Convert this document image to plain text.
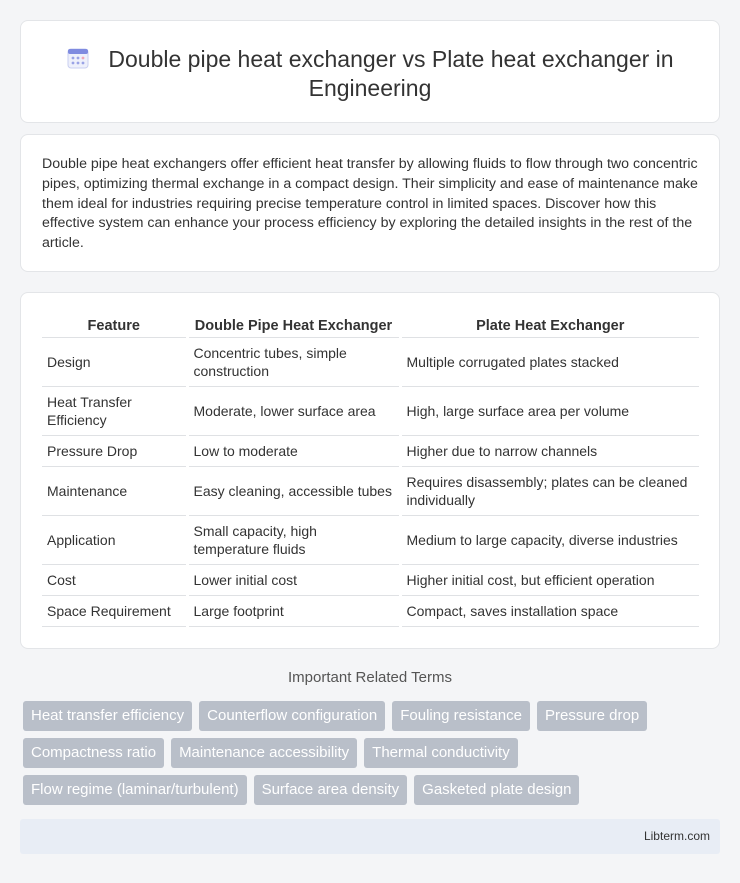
Double pipe heat exchanger vs Plate heat exchanger in Engineering

Double pipe heat exchangers offer efficient heat transfer by allowing fluids to flow through two concentric pipes, optimizing thermal exchange in a compact design. Their simplicity and ease of maintenance make them ideal for industries requiring precise temperature control in limited spaces. Discover how this effective system can enhance your process efficiency by exploring the detailed insights in the rest of the article.

Feature	Double Pipe Heat Exchanger	Plate Heat Exchanger
Design	Concentric tubes, simple construction	Multiple corrugated plates stacked
Heat Transfer Efficiency	Moderate, lower surface area	High, large surface area per volume
Pressure Drop	Low to moderate	Higher due to narrow channels
Maintenance	Easy cleaning, accessible tubes	Requires disassembly; plates can be cleaned individually
Application	Small capacity, high temperature fluids	Medium to large capacity, diverse industries
Cost	Lower initial cost	Higher initial cost, but efficient operation
Space Requirement	Large footprint	Compact, saves installation space
Important Related Terms
Heat transfer efficiency	Counterflow configuration	Fouling resistance	Pressure drop
Compactness ratio	Maintenance accessibility	Thermal conductivity
Flow regime (laminar/turbulent)	Surface area density	Gasketed plate design
Libterm.com
